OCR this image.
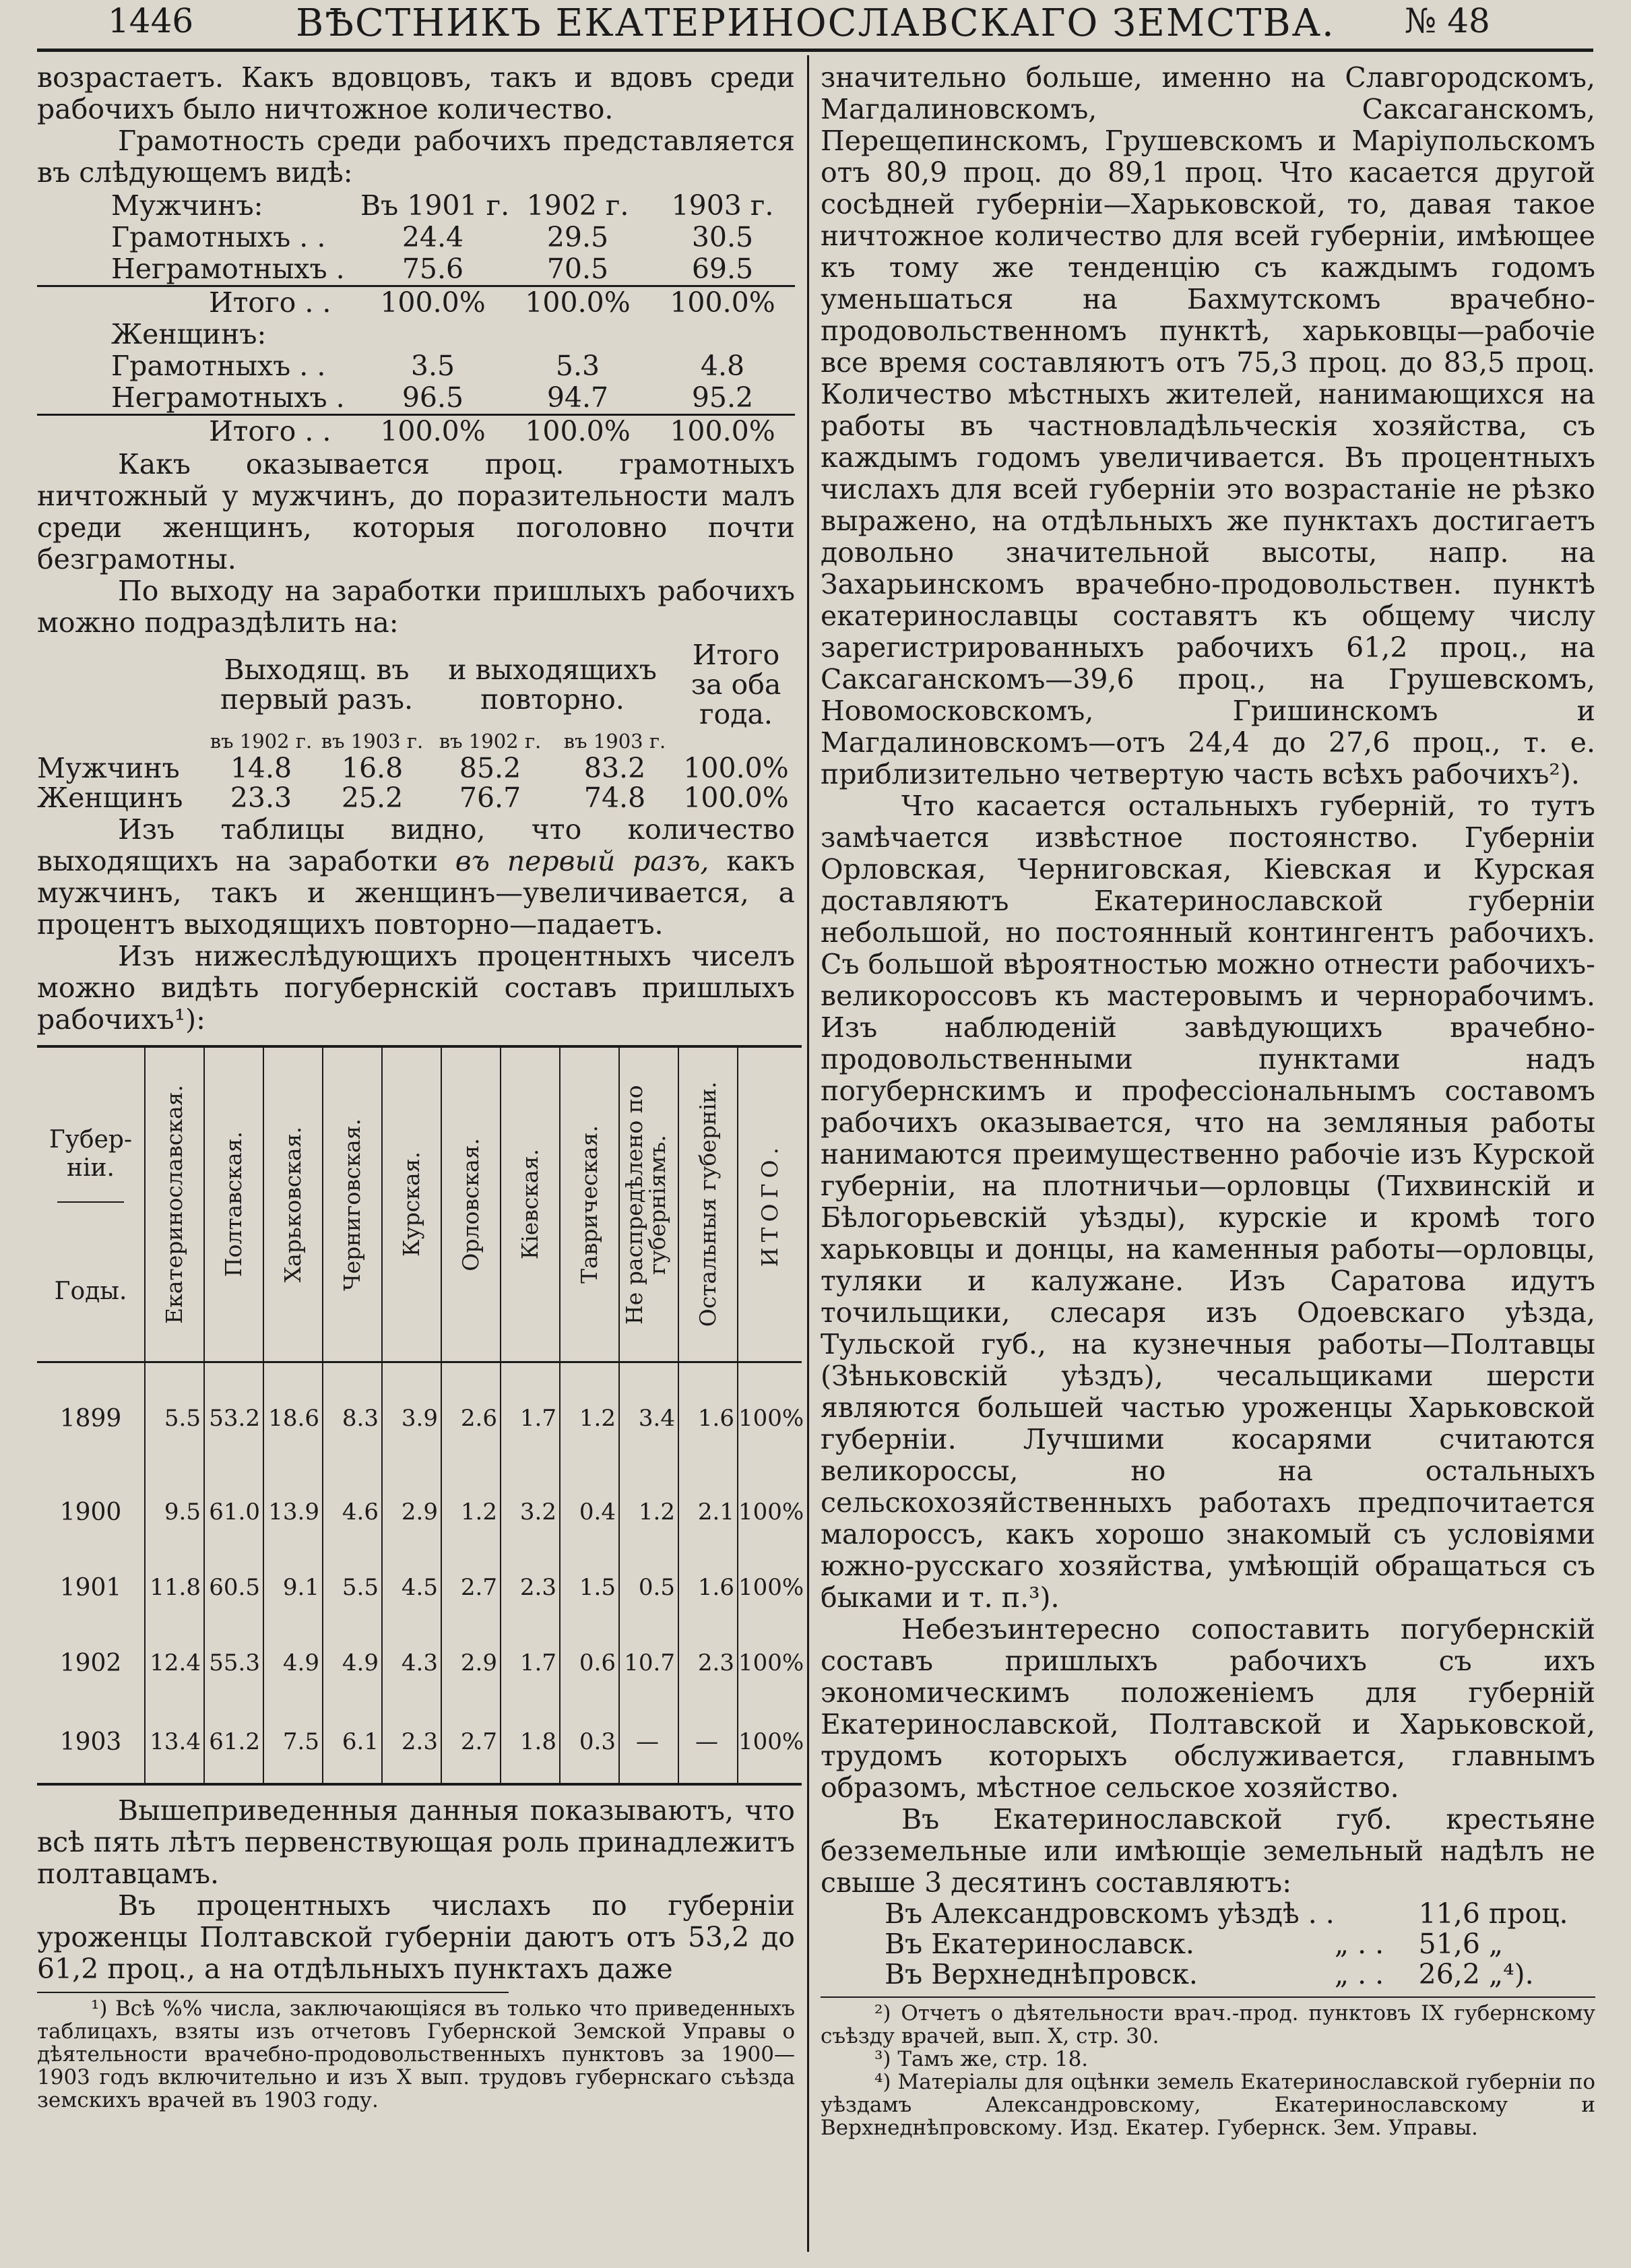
ВѢСТНИКЪ ЕКАТЕРИНОСЛАВСКАГО ЗЕМСТВА.
1446	№ 48

возрастаетъ. Какъ вдовцовъ, такъ и вдовъ среди рабочихъ было ничтожное количество.

Грамотность среди рабочихъ представляется въ слѣдующемъ видѣ:

Мужчинъ:	Въ 1901 г.	1902 г.	1903 г.
Грамотныхъ . .	24.4	29.5	30.5
Неграмотныхъ .	75.6	70.5	69.5
Итого . .	100.0%	100.0%	100.0%
Женщинъ:			
Грамотныхъ . .	3.5	5.3	4.8
Неграмотныхъ .	96.5	94.7	95.2
Итого . .	100.0%	100.0%	100.0%

Какъ оказывается проц. грамотныхъ ничтожный у мужчинъ, до поразительности малъ среди женщинъ, которыя поголовно почти безграмотны.

По выходу на заработки пришлыхъ рабочихъ можно подраздѣлить на:

	Выходящ. въ первый разъ.		и выходящихъ повторно.		Итого за оба года.
	въ 1902 г.	въ 1903 г.	въ 1902 г.	въ 1903 г.	
Мужчинъ	14.8	16.8	85.2	83.2	100.0%
Женщинъ	23.3	25.2	76.7	74.8	100.0%

Изъ таблицы видно, что количество выходящихъ на заработки въ первый разъ, какъ мужчинъ, такъ и женщинъ—увеличивается, а процентъ выходящихъ повторно—падаетъ.

Изъ нижеслѣдующихъ процентныхъ чиселъ можно видѣть погубернскій составъ пришлыхъ рабочихъ¹):

Губер-ніи.
Годы.	Екатеринославская.	Полтавская.	Харьковская.	Черниговская.	Курская.	Орловская.	Кіевская.	Таврическая.	Не распредѣлено по губерніямъ.	Остальныя губерніи.	ИТОГО.

1899	5.5	53.2	18.6	8.3	3.9	2.6	1.7	1.2	3.4	1.6	100%
1900	9.5	61.0	13.9	4.6	2.9	1.2	3.2	0.4	1.2	2.1	100%
1901	11.8	60.5	9.1	5.5	4.5	2.7	2.3	1.5	0.5	1.6	100%
1902	12.4	55.3	4.9	4.9	4.3	2.9	1.7	0.6	10.7	2.3	100%
1903	13.4	61.2	7.5	6.1	2.3	2.7	1.8	0.3	—	—	100%

Вышеприведенныя данныя показываютъ, что всѣ пять лѣтъ первенствующая роль принадлежитъ полтавцамъ.

Въ процентныхъ числахъ по губерніи уроженцы Полтавской губерніи даютъ отъ 53,2 до 61,2 проц., а на отдѣльныхъ пунктахъ даже

¹) Всѣ %% числа, заключающіяся въ только что приведенныхъ таблицахъ, взяты изъ отчетовъ Губернской Земской Управы о дѣятельности врачебно-продовольственныхъ пунктовъ за 1900—1903 годъ включительно и изъ X вып. трудовъ губернскаго съѣзда земскихъ врачей въ 1903 году.

значительно больше, именно на Славгородскомъ, Магдалиновскомъ, Саксаганскомъ, Перещепинскомъ, Грушевскомъ и Маріупольскомъ отъ 80,9 проц. до 89,1 проц. Что касается другой сосѣдней губерніи—Харьковской, то, давая такое ничтожное количество для всей губерніи, имѣющее къ тому же тенденцію съ каждымъ годомъ уменьшаться на Бахмутскомъ врачебно-продовольственномъ пунктѣ, харьковцы—рабочіе все время составляютъ отъ 75,3 проц. до 83,5 проц. Количество мѣстныхъ жителей, нанимающихся на работы въ частновладѣльческія хозяйства, съ каждымъ годомъ увеличивается. Въ процентныхъ числахъ для всей губерніи это возрастаніе не рѣзко выражено, на отдѣльныхъ же пунктахъ достигаетъ довольно значительной высоты, напр. на Захарьинскомъ врачебно-продовольствен. пунктѣ екатеринославцы составятъ къ общему числу зарегистрированныхъ рабочихъ 61,2 проц., на Саксаганскомъ—39,6 проц., на Грушевскомъ, Новомосковскомъ, Гришинскомъ и Магдалиновскомъ—отъ 24,4 до 27,6 проц., т. е. приблизительно четвертую часть всѣхъ рабочихъ²).

Что касается остальныхъ губерній, то тутъ замѣчается извѣстное постоянство. Губерніи Орловская, Черниговская, Кіевская и Курская доставляютъ Екатеринославской губерніи небольшой, но постоянный контингентъ рабочихъ. Съ большой вѣроятностью можно отнести рабочихъ-великороссовъ къ мастеровымъ и чернорабочимъ. Изъ наблюденій завѣдующихъ врачебно-продовольственными пунктами надъ погубернскимъ и профессіональнымъ составомъ рабочихъ оказывается, что на земляныя работы нанимаются преимущественно рабочіе изъ Курской губерніи, на плотничьи—орловцы (Тихвинскій и Бѣлогорьевскій уѣзды), курскіе и кромѣ того харьковцы и донцы, на каменныя работы—орловцы, туляки и калужане. Изъ Саратова идутъ точильщики, слесаря изъ Одоевскаго уѣзда, Тульской губ., на кузнечныя работы—Полтавцы (Зѣньковскій уѣздъ), чесальщиками шерсти являются большей частью уроженцы Харьковской губерніи. Лучшими косарями считаются великороссы, но на остальныхъ сельскохозяйственныхъ работахъ предпочитается малороссъ, какъ хорошо знакомый съ условіями южно-русскаго хозяйства, умѣющій обращаться съ быками и т. п.³).

Небезъинтересно сопоставить погубернскій составъ пришлыхъ рабочихъ съ ихъ экономическимъ положеніемъ для губерній Екатеринославской, Полтавской и Харьковской, трудомъ которыхъ обслуживается, главнымъ образомъ, мѣстное сельское хозяйство.

Въ Екатеринославской губ. крестьяне безземельные или имѣющіе земельный надѣлъ не свыше 3 десятинъ составляютъ:

	Въ Александровскомъ уѣздѣ . .		11,6 проц.
	Въ Екатеринославск.	„ . .	51,6 „
	Въ Верхнеднѣпровск.	„ . .	26,2 „⁴).

²) Отчетъ о дѣятельности врач.-прод. пунктовъ IX губернскому съѣзду врачей, вып. X, стр. 30.

³) Тамъ же, стр. 18.

⁴) Матеріалы для оцѣнки земель Екатеринославской губерніи по уѣздамъ Александровскому, Екатеринославскому и Верхнеднѣпровскому. Изд. Екатер. Губернск. Зем. Управы.
